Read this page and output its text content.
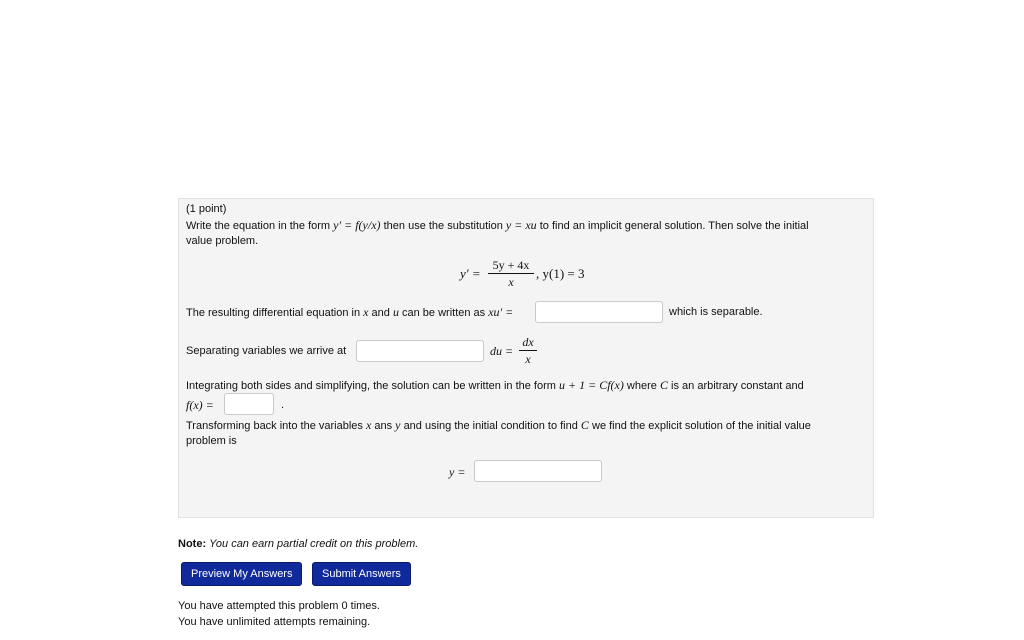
(1 point)
Write the equation in the form y′ = f(y/x) then use the substitution y = xu to find an implicit general solution. Then solve the initial
value problem.
y′ =
5y + 4x
x
, y(1) = 3
The resulting differential equation in x and u can be written as xu′ =	which is separable.
Separating variables we arrive at	du =
dx
x
Integrating both sides and simplifying, the solution can be written in the form u + 1 = Cf(x) where C is an arbitrary constant and
f(x) =	.
Transforming back into the variables x ans y and using the initial condition to find C we find the explicit solution of the initial value
problem is
y =
Note: You can earn partial credit on this problem.
Preview My Answers	Submit Answers
You have attempted this problem 0 times.
You have unlimited attempts remaining.
